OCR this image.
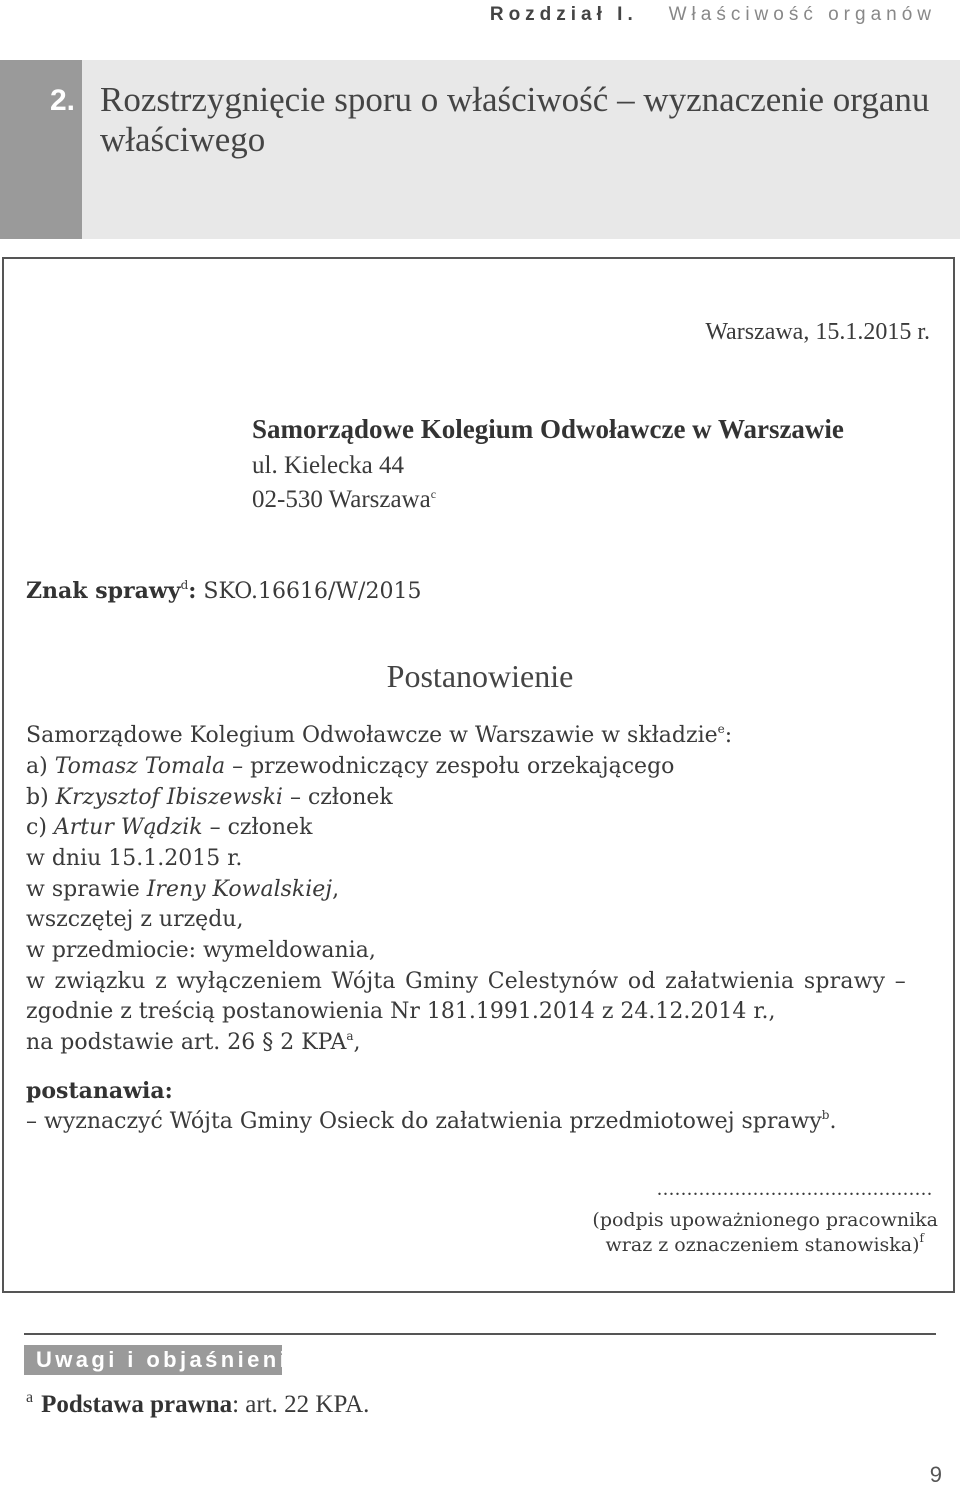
Rozdział I. Właściwość organów
2. Rozstrzygnięcie sporu o właściwość – wyznaczenie organu właściwego
Warszawa, 15.1.2015 r.
Samorządowe Kolegium Odwoławcze w Warszawie
ul. Kielecka 44
02-530 Warszawa$^c$
Znak sprawy$^d$: SKO.16616/W/2015
Postanowienie
Samorządowe Kolegium Odwoławcze w Warszawie w składzie$^e$:
a) Tomasz Tomala – przewodniczący zespołu orzekającego
b) Krzysztof Ibiszewski – członek
c) Artur Wądzik – członek
w dniu 15.1.2015 r.
w sprawie Ireny Kowalskiej,
wszczętej z urzędu,
w przedmiocie: wymeldowania,
w związku z wyłączeniem Wójta Gminy Celestynów od załatwienia sprawy –
zgodnie z treścią postanowienia Nr 181.1991.2014 z 24.12.2014 r.,
na podstawie art. 26 § 2 KPA$^a$,
postanawia:
– wyznaczyć Wójta Gminy Osieck do załatwienia przedmiotowej sprawy$^b$.
..............................................
(podpis upoważnionego pracownika
wraz z oznaczeniem stanowiska)$^f$
Uwagi i objaśnienia
$^a$ Podstawa prawna: art. 22 KPA.
9
